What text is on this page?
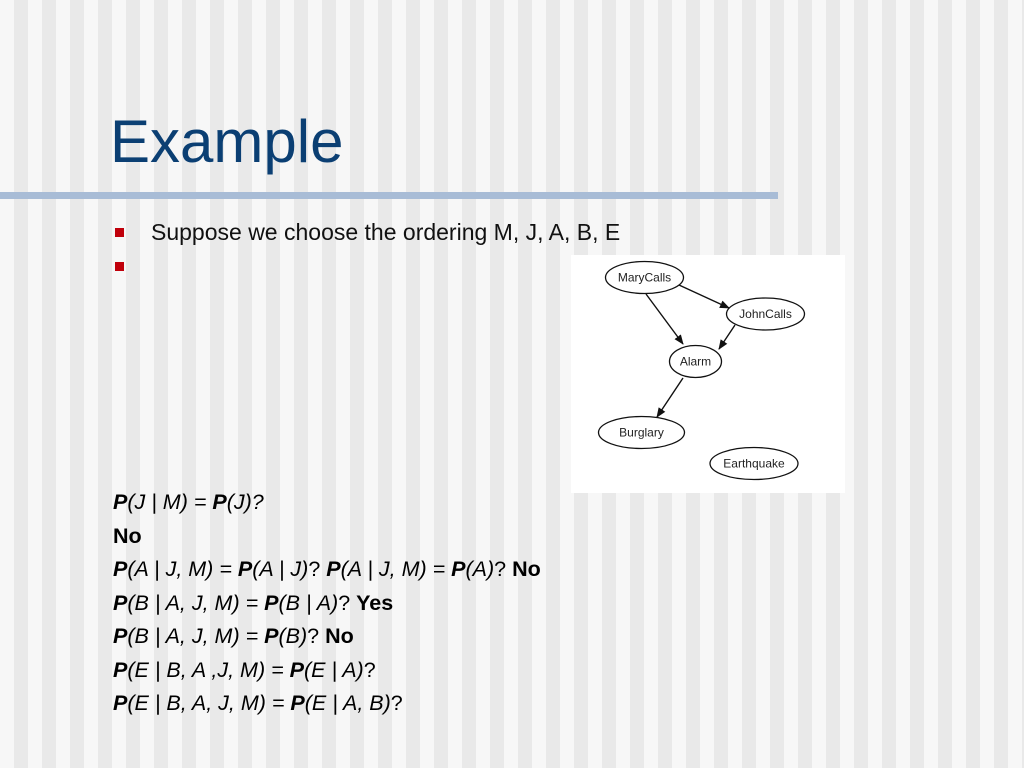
Example
Suppose we choose the ordering M, J, A, B, E
MaryCalls
JohnCalls
Alarm
Burglary
Earthquake
P(J | M) = P(J)?
No
P(A | J, M) = P(A | J)? P(A | J, M) = P(A)? No
P(B | A, J, M) = P(B | A)? Yes
P(B | A, J, M) = P(B)? No
P(E | B, A ,J, M) = P(E | A)?
P(E | B, A, J, M) = P(E | A, B)?
